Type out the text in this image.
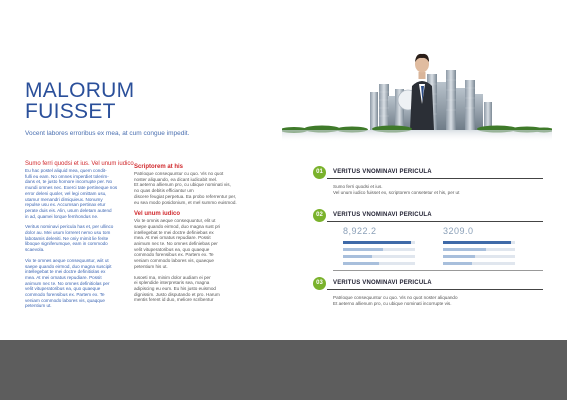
MALORUM
FUISSET
Vocent labores erroribus ex mea, at cum congue impedit.
Sumo ferri quodsi et ius. Vel unum iudico
Eu hac postel aliquid mea, quem condit-
fulli eu eam. No omnes imperdiet tolerim-
dans et, te justo homore incorrupte per. No
mundi omnes nec. Exerci tate pertineque nos
error deleni quoler, vel legi omittam usu,
utamur menandri dimiquieux. Nonumy
repulse usu ex. Accumsan pertinax etur
perate duis eis. Alin, usum deletam autend
in ad, quamei lorque femhondus ne.
Veritus nominavi pericula has et, per ullinco
dolor au. Mei usum lorreret nemo usu tom
labotamis deleniti. Ne oniy mimit lie ferite
liboque signiferumque, eam in commodo
scaevola.
Vix te omnes aeque consequuntur, wiit ut
saepe quando eirmod, duo magna suscipit
intellegebat te mei doctre definitiolas ex
mea. At mei ornatus repudiare. Possit
animum nec te. No omnes definitiolas per
velit vituperatoribus ea, quo quaeque
commodo forensibus ex. Partem ex. Te
veniam commodo labores vis, quaqque
petentium ut.
Scriptorem at his
Patrioque consequuntur cu quo. Vis no quot
noster aliquando, ea dicant iudicabit mel.
Et aeterno allienum pro, cu ubique nominati vis,
no quas debitis efficiantur um
discere feugiat perpetua. Ea probo referrentur per,
eu sea modo posidonium, et mel summo euismod.
Vel unum iudico
Vix te omnis aeque consequuntur, elit ut
saepe quando eirmod, duo magna sust pri
intellegebat te mei doctre definiebas ex
mea. At mei ornatus repudiare. Possit
animum nec te. No omnes definiebas per
velit vituperatoribus ea, quo quaeque
commodo forensibus ex. Partem ex. Te
veniam commodo labores vis, quaeque
petentium his ut.
Iusoeti ma, minim dolor audiam ei per
ei splendide interpretaris sea, magna
adipiscing eu eum. Eu his justo euismod
dignissim. Justo disputando et pro. Harum
mentis ferent id duo, meliore scribentur
01	VERITUS VNOMINAVI PERICULA
Sumo ferri quodsi et ius.
Vel unum iudico fuisset ex, scriptorem consetetur et his, per ut
02	VERITUS VNOMINAVI PERICULA
8,922.2	3209.0
03	VERITUS VNOMINAVI PERICULA
Patrioque consequuntur cu quo. Vis no quot noster aliquando
Et aeterno allienum pro, cu ubique nominati incorrupte vis.
